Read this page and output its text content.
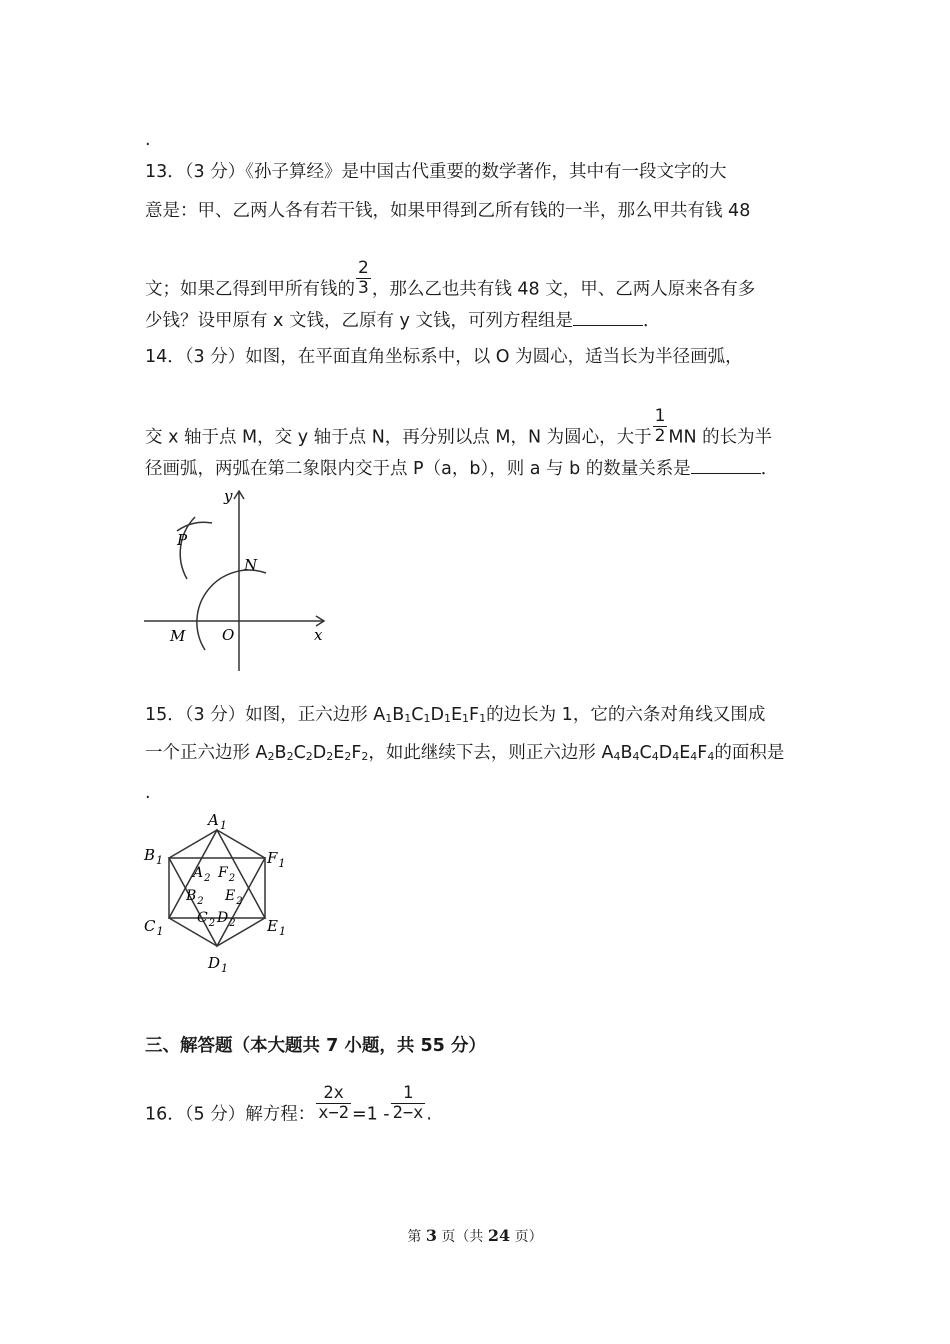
.
13．（3 分）《孙子算经》是中国古代重要的数学著作，其中有一段文字的大
意是：甲、乙两人各有若干钱，如果甲得到乙所有钱的一半，那么甲共有钱 48
文；如果乙得到甲所有钱的 $\frac{2}{3}$ ，那么乙也共有钱 48 文，甲、乙两人原来各有多
少钱？设甲原有 x 文钱，乙原有 y 文钱，可列方程组是	．
14．（3 分）如图，在平面直角坐标系中，以 O 为圆心，适当长为半径画弧，
交 x 轴于点 M，交 y 轴于点 N，再分别以点 M，N 为圆心，大于 $\frac{1}{2}$ MN 的长为半
径画弧，两弧在第二象限内交于点 P（a，b），则 a 与 b 的数量关系是	．
y
P
N
M O	x
15．（3 分）如图，正六边形 $A_1B_1C_1D_1E_1F_1$的边长为 1，它的六条对角线又围成
一个正六边形 $A_2B_2C_2D_2E_2F_2$，如此继续下去，则正六边形 $A_4B_4C_4D_4E_4F_4$的面积是
.
$A_1$
$B_1$	$F_1$
$C_1$	$E_1$
$D_1$
$A_2$ $F_2$
$B_2$ $E_2$
$C_2$ $D_2$
三、解答题（本大题共 7 小题，共 55 分）
16．（5 分）解方程： $\frac{2x}{x-2} =1 - \frac{1}{2-x}$ .
第 3 页（共 24 页）
